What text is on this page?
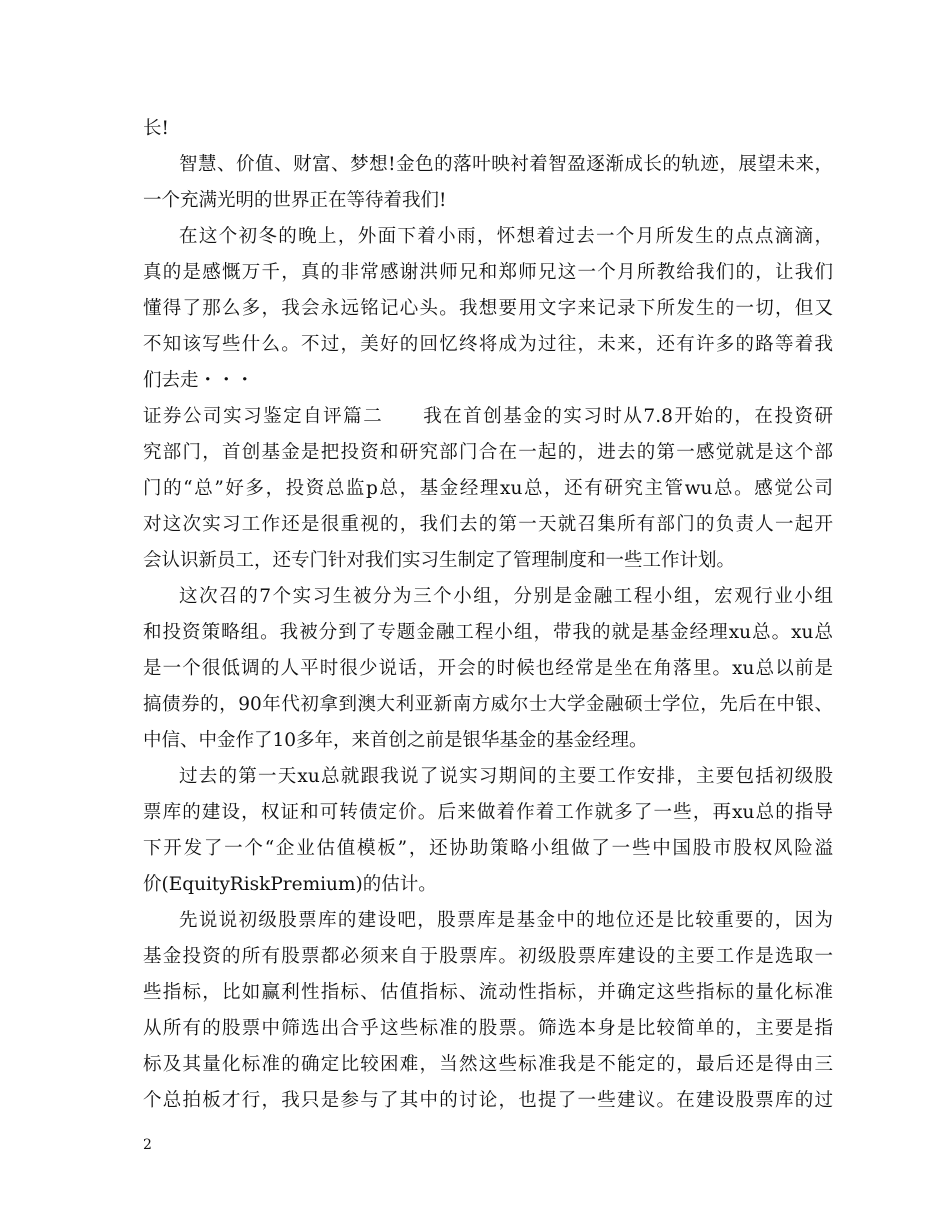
长!
智慧、价值、财富、梦想!金色的落叶映衬着智盈逐渐成长的轨迹，展望未来，
一个充满光明的世界正在等待着我们!
在这个初冬的晚上，外面下着小雨，怀想着过去一个月所发生的点点滴滴，
真的是感慨万千，真的非常感谢洪师兄和郑师兄这一个月所教给我们的，让我们
懂得了那么多，我会永远铭记心头。我想要用文字来记录下所发生的一切，但又
不知该写些什么。不过，美好的回忆终将成为过往，未来，还有许多的路等着我
们去走・・・
证券公司实习鉴定自评篇二　　我在首创基金的实习时从7.8开始的，在投资研
究部门，首创基金是把投资和研究部门合在一起的，进去的第一感觉就是这个部
门的“总”好多，投资总监p总，基金经理xu总，还有研究主管wu总。感觉公司
对这次实习工作还是很重视的，我们去的第一天就召集所有部门的负责人一起开
会认识新员工，还专门针对我们实习生制定了管理制度和一些工作计划。
这次召的7个实习生被分为三个小组，分别是金融工程小组，宏观行业小组
和投资策略组。我被分到了专题金融工程小组，带我的就是基金经理xu总。xu总
是一个很低调的人平时很少说话，开会的时候也经常是坐在角落里。xu总以前是
搞债券的，90年代初拿到澳大利亚新南方威尔士大学金融硕士学位，先后在中银、
中信、中金作了10多年，来首创之前是银华基金的基金经理。
过去的第一天xu总就跟我说了说实习期间的主要工作安排，主要包括初级股
票库的建设，权证和可转债定价。后来做着作着工作就多了一些，再xu总的指导
下开发了一个“企业估值模板”，还协助策略小组做了一些中国股市股权风险溢
价(EquityRiskPremium)的估计。
先说说初级股票库的建设吧，股票库是基金中的地位还是比较重要的，因为
基金投资的所有股票都必须来自于股票库。初级股票库建设的主要工作是选取一
些指标，比如赢利性指标、估值指标、流动性指标，并确定这些指标的量化标准
从所有的股票中筛选出合乎这些标准的股票。筛选本身是比较简单的，主要是指
标及其量化标准的确定比较困难，当然这些标准我是不能定的，最后还是得由三
个总拍板才行，我只是参与了其中的讨论，也提了一些建议。在建设股票库的过
2
